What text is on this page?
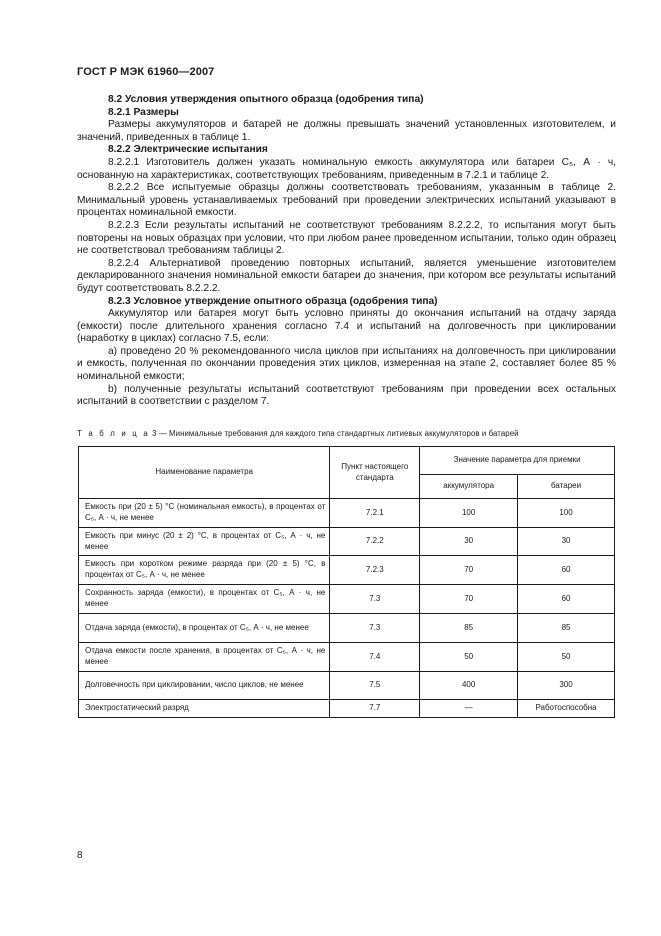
ГОСТ Р МЭК 61960—2007

8.2 Условия утверждения опытного образца (одобрения типа)

8.2.1 Размеры

Размеры аккумуляторов и батарей не должны превышать значений установленных изготовителем, и значений, приведенных в таблице 1.

8.2.2 Электрические испытания

8.2.2.1 Изготовитель должен указать номинальную емкость аккумулятора или батареи C₅, А · ч, основанную на характеристиках, соответствующих требованиям, приведенным в 7.2.1 и таблице 2.

8.2.2.2 Все испытуемые образцы должны соответствовать требованиям, указанным в таблице 2. Минимальный уровень устанавливаемых требований при проведении электрических испытаний указывают в процентах номинальной емкости.

8.2.2.3 Если результаты испытаний не соответствуют требованиям 8.2.2.2, то испытания могут быть повторены на новых образцах при условии, что при любом ранее проведенном испытании, только один образец не соответствовал требованиям таблицы 2.

8.2.2.4 Альтернативой проведению повторных испытаний, является уменьшение изготовителем декларированного значения номинальной емкости батареи до значения, при котором все результаты испытаний будут соответствовать 8.2.2.2.

8.2.3 Условное утверждение опытного образца (одобрения типа)

Аккумулятор или батарея могут быть условно приняты до окончания испытаний на отдачу заряда (емкости) после длительного хранения согласно 7.4 и испытаний на долговечность при циклировании (наработку в циклах) согласно 7.5, если:

а) проведено 20 % рекомендованного числа циклов при испытаниях на долговечность при циклировании и емкость, полученная по окончании проведения этих циклов, измеренная на этапе 2, составляет более 85 % номинальной емкости;

b) полученные результаты испытаний соответствуют требованиям при проведении всех остальных испытаний в соответствии с разделом 7.

Т а б л и ц а 3 — Минимальные требования для каждого типа стандартных литиевых аккумуляторов и батарей
Наименование параметра	Пункт настоящего стандарта	Значение параметра для приемки	
		аккумулятора	батареи
Емкость при (20 ± 5) °С (номинальная емкость), в процентах от C₅, А · ч, не менее	7.2.1	100	100
Емкость при минус (20 ± 2) °С, в процентах от C₅, А · ч, не менее	7.2.2	30	30
Емкость при коротком режиме разряда при (20 ± 5) °С, в процентах от C₅, А · ч, не менее	7.2.3	70	60
Сохранность заряда (емкости), в процентах от C₅, А · ч, не менее	7.3	70	60
Отдача заряда (емкости), в процентах от C₅, А · ч, не менее	7.3	85	85
Отдача емкости после хранения, в процентах от C₅, А · ч, не менее	7.4	50	50
Долговечность при циклировании, число циклов, не менее	7.5	400	300
Электростатический разряд	7.7	—	Работоспособна
8
